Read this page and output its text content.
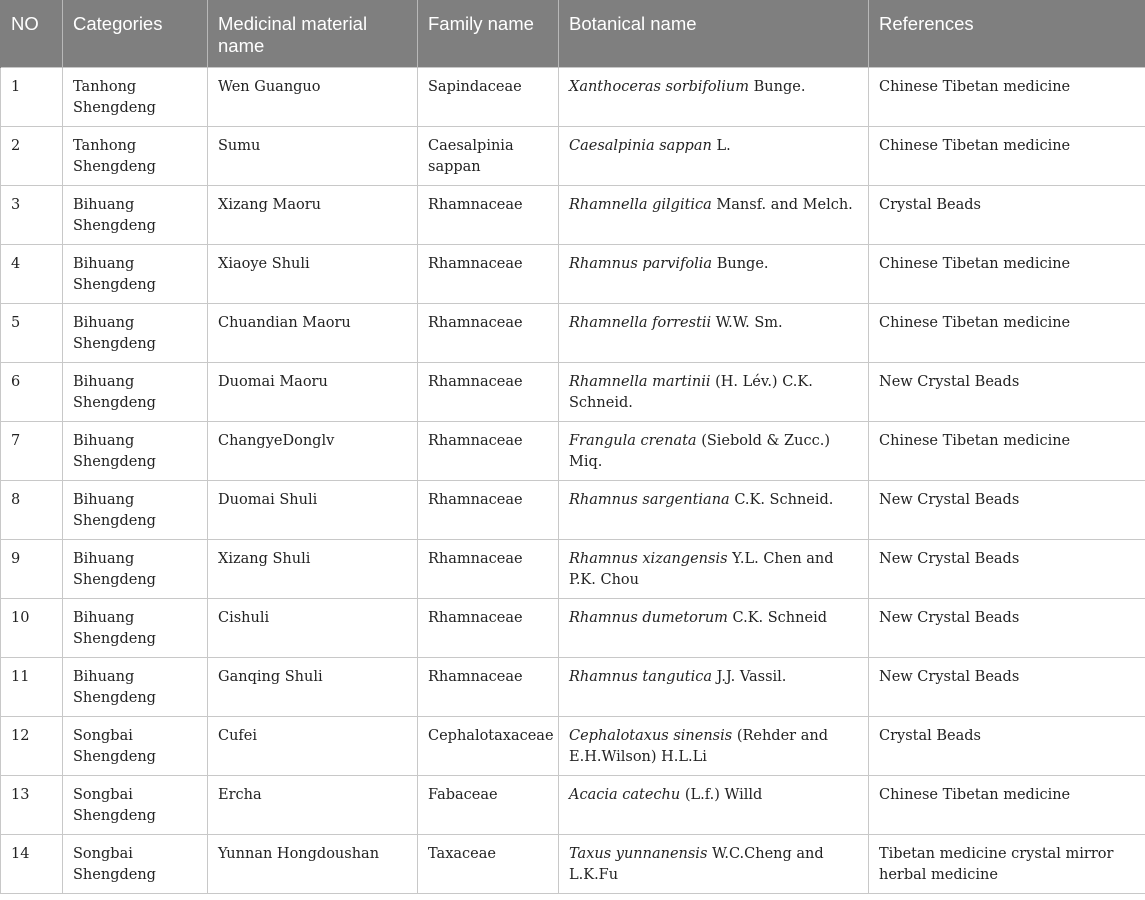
NO	Categories	Medicinal material name	Family name	Botanical name	References
1	Tanhong Shengdeng	Wen Guanguo	Sapindaceae	Xanthoceras sorbifolium Bunge.	Chinese Tibetan medicine
2	Tanhong Shengdeng	Sumu	Caesalpinia sappan	Caesalpinia sappan L.	Chinese Tibetan medicine
3	Bihuang Shengdeng	Xizang Maoru	Rhamnaceae	Rhamnella gilgitica Mansf. and Melch.	Crystal Beads
4	Bihuang Shengdeng	Xiaoye Shuli	Rhamnaceae	Rhamnus parvifolia Bunge.	Chinese Tibetan medicine
5	Bihuang Shengdeng	Chuandian Maoru	Rhamnaceae	Rhamnella forrestii W.W. Sm.	Chinese Tibetan medicine
6	Bihuang Shengdeng	Duomai Maoru	Rhamnaceae	Rhamnella martinii (H. Lév.) C.K. Schneid.	New Crystal Beads
7	Bihuang Shengdeng	ChangyeDonglv	Rhamnaceae	Frangula crenata (Siebold & Zucc.) Miq.	Chinese Tibetan medicine
8	Bihuang Shengdeng	Duomai Shuli	Rhamnaceae	Rhamnus sargentiana C.K. Schneid.	New Crystal Beads
9	Bihuang Shengdeng	Xizang Shuli	Rhamnaceae	Rhamnus xizangensis Y.L. Chen and P.K. Chou	New Crystal Beads
10	Bihuang Shengdeng	Cishuli	Rhamnaceae	Rhamnus dumetorum C.K. Schneid	New Crystal Beads
11	Bihuang Shengdeng	Ganqing Shuli	Rhamnaceae	Rhamnus tangutica J.J. Vassil.	New Crystal Beads
12	Songbai Shengdeng	Cufei	Cephalotaxaceae	Cephalotaxus sinensis (Rehder and E.H.Wilson) H.L.Li	Crystal Beads
13	Songbai Shengdeng	Ercha	Fabaceae	Acacia catechu (L.f.) Willd	Chinese Tibetan medicine
14	Songbai Shengdeng	Yunnan Hongdoushan	Taxaceae	Taxus yunnanensis W.C.Cheng and L.K.Fu	Tibetan medicine crystal mirror herbal medicine
